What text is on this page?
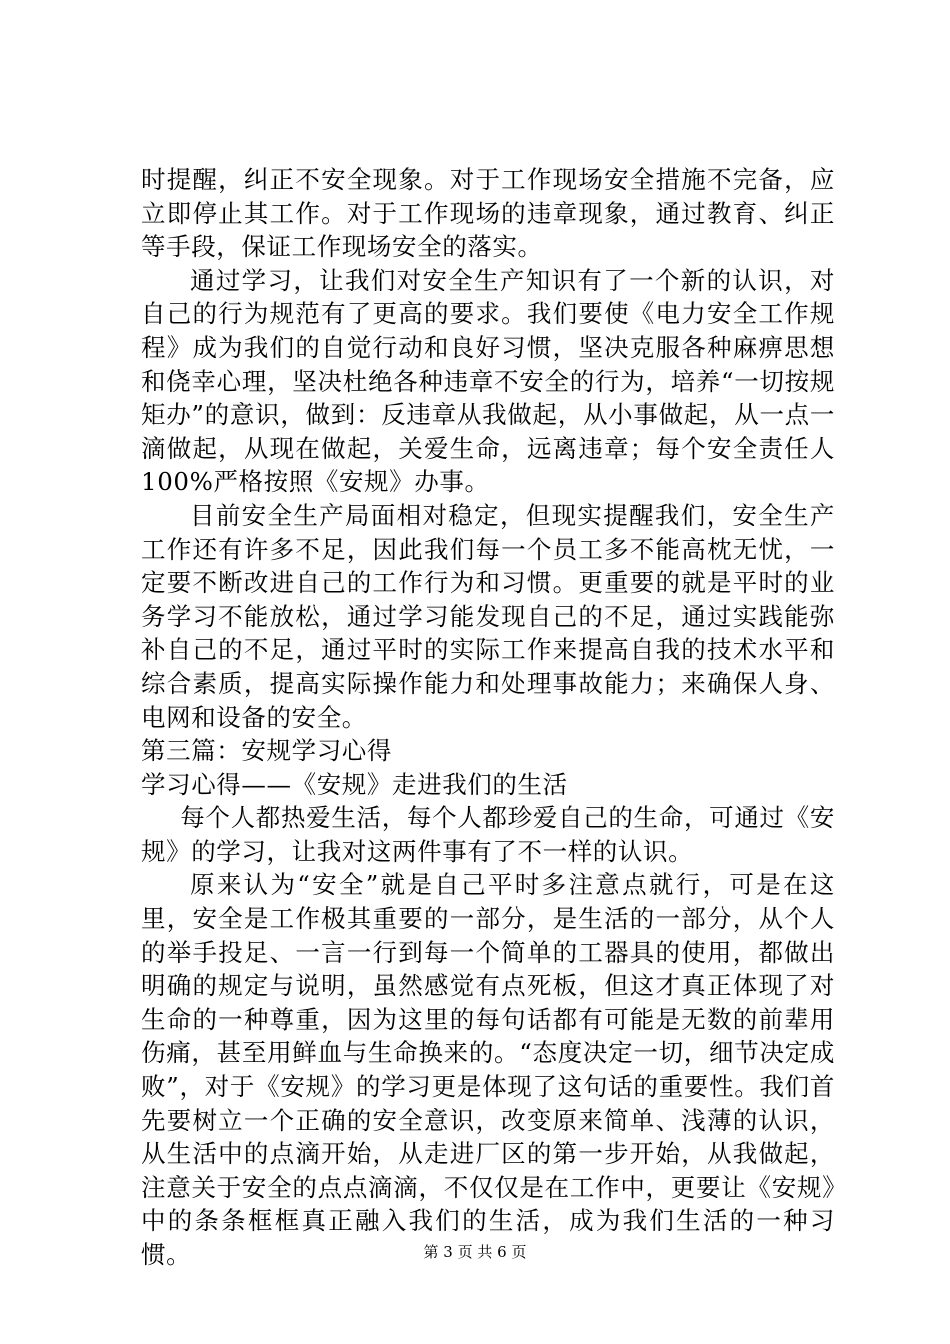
时提醒，纠正不安全现象。对于工作现场安全措施不完备，应立即停止其工作。对于工作现场的违章现象，通过教育、纠正等手段，保证工作现场安全的落实。

通过学习，让我们对安全生产知识有了一个新的认识，对自己的行为规范有了更高的要求。我们要使《电力安全工作规程》成为我们的自觉行动和良好习惯，坚决克服各种麻痹思想和侥幸心理，坚决杜绝各种违章不安全的行为，培养“一切按规矩办”的意识，做到：反违章从我做起，从小事做起，从一点一滴做起，从现在做起，关爱生命，远离违章；每个安全责任人100%严格按照《安规》办事。

目前安全生产局面相对稳定，但现实提醒我们，安全生产工作还有许多不足，因此我们每一个员工多不能高枕无忧，一定要不断改进自己的工作行为和习惯。更重要的就是平时的业务学习不能放松，通过学习能发现自己的不足，通过实践能弥补自己的不足，通过平时的实际工作来提高自我的技术水平和综合素质，提高实际操作能力和处理事故能力；来确保人身、电网和设备的安全。

第三篇：安规学习心得

学习心得——《安规》走进我们的生活

每个人都热爱生活，每个人都珍爱自己的生命，可通过《安规》的学习，让我对这两件事有了不一样的认识。

原来认为“安全”就是自己平时多注意点就行，可是在这里，安全是工作极其重要的一部分，是生活的一部分，从个人的举手投足、一言一行到每一个简单的工器具的使用，都做出明确的规定与说明，虽然感觉有点死板，但这才真正体现了对生命的一种尊重，因为这里的每句话都有可能是无数的前辈用伤痛，甚至用鲜血与生命换来的。“态度决定一切，细节决定成败”，对于《安规》的学习更是体现了这句话的重要性。我们首先要树立一个正确的安全意识，改变原来简单、浅薄的认识，从生活中的点滴开始，从走进厂区的第一步开始，从我做起，注意关于安全的点点滴滴，不仅仅是在工作中，更要让《安规》中的条条框框真正融入我们的生活，成为我们生活的一种习惯。	第 3 页 共 6 页
